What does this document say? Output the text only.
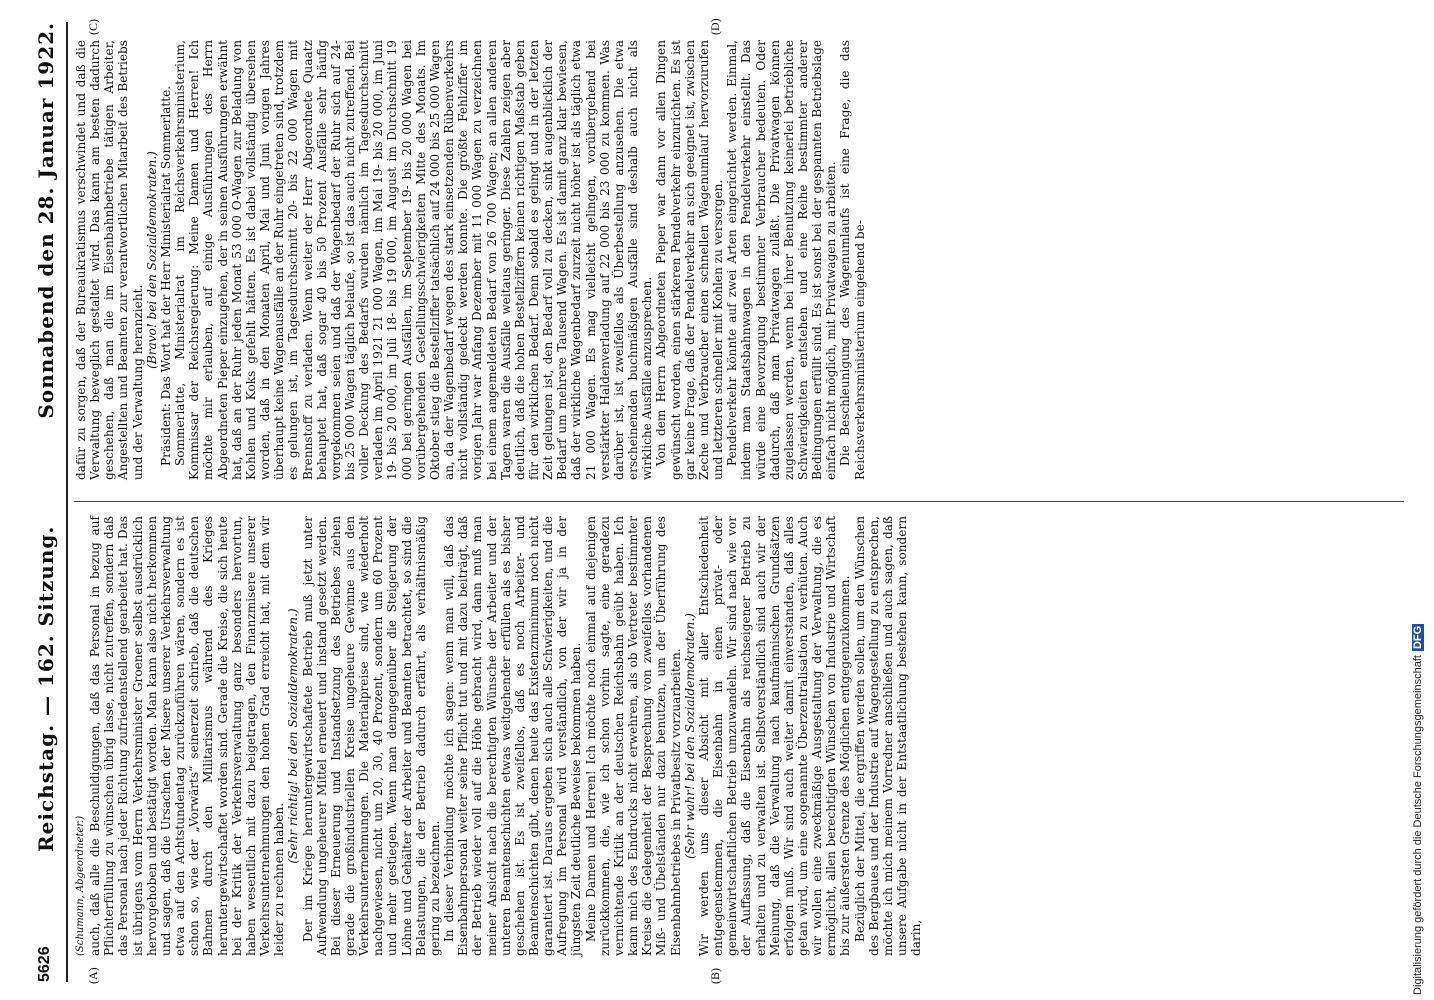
5626
Reichstag. — 162. Sitzung.
Sonnabend den 28. Januar 1922.
(A)	(B)
(C)	(D)

(Schumann, Abgeordneter.) auch, daß alle die Beschuldigungen, daß das Personal in bezug auf Pflichterfüllung zu wünschen übrig lasse, nicht zutreffen, sondern daß das Personal nach jeder Richtung zufriedenstellend gearbeitet hat. Das ist übrigens vom Herrn Verkehrsminister Groener selbst ausdrücklich hervorgehoben und bestätigt worden. Man kann also nicht herkommen und sagen, daß die Ursachen der Misere unserer Verkehrsverwaltung etwa auf den Achtstundentag zurückzuführen wären, sondern es ist schon so, wie der „Vorwärts“ seinerzeit schrieb, daß die deutschen Bahnen durch den Militarismus während des Krieges heruntergewirtschaftet worden sind. Gerade die Kreise, die sich heute bei der Kritik der Verkehrsverwaltung ganz besonders hervortun, haben wesentlich mit dazu beigetragen, den Finanzmisere unserer Verkehrsunternehmungen den hohen Grad erreicht hat, mit dem wir leider zu rechnen haben.

(Sehr richtig! bei den Sozialdemokraten.) Der im Kriege heruntergewirtschaftete Betrieb muß jetzt unter Aufwendung ungeheurer Mittel erneuert und instand gesetzt werden. Bei dieser Erneuerung und Instandsetzung des Betriebes ziehen gerade die großindustriellen Kreise ungeheure Gewinne aus den Verkehrsunternehmungen. Die Materialpreise sind, wie wiederholt nachgewiesen, nicht um 20, 30, 40 Prozent, sondern um 60 Prozent und mehr gestiegen. Wenn man demgegenüber die Steigerung der Löhne und Gehälter der Arbeiter und Beamten betrachtet, so sind die Belastungen, die der Betrieb dadurch erfährt, als verhältnismäßig gering zu bezeichnen. In dieser Verbindung möchte ich sagen: wenn man will, daß das Eisenbahnpersonal weiter seine Pflicht tut und mit dazu beiträgt, daß der Betrieb wieder voll auf die Höhe gebracht wird, dann muß man meiner Ansicht nach die berechtigten Wünsche der Arbeiter und der unteren Beamtenschichten etwas weitgehender erfüllen als es bisher geschehen ist. Es ist zweifellos, daß es noch Arbeiter- und Beamtenschichten gibt, denen heute das Existenzminimum noch nicht garantiert ist. Daraus ergeben sich auch alle Schwierigkeiten, und die Aufregung im Personal wird verständlich, von der wir ja in der jüngsten Zeit deutliche Beweise bekommen haben. Meine Damen und Herren! Ich möchte noch einmal auf diejenigen zurückkommen, die, wie ich schon vorhin sagte, eine geradezu vernichtende Kritik an der deutschen Reichsbahn geübt haben. Ich kann mich des Eindrucks nicht erwehren, als ob Vertreter bestimmter Kreise die Gelegenheit der Besprechung von zweifellos vorhandenen Miß- und Übelständen nur dazu benutzen, um der Überführung des Eisenbahnbetriebes in Privatbesitz vorzuarbeiten. (Sehr wahr! bei den Sozialdemokraten.) Wir werden uns dieser Absicht mit aller Entschiedenheit entgegenstemmen, die Eisenbahn in einen privat- oder gemeinwirtschaftlichen Betrieb umzuwandeln. Wir sind nach wie vor der Auffassung, daß die Eisenbahn als reichseigener Betrieb zu erhalten und zu verwalten ist. Selbstverständlich sind auch wir der Meinung, daß die Verwaltung nach kaufmännischen Grundsätzen erfolgen muß. Wir sind auch weiter damit einverstanden, daß alles getan wird, um eine sogenannte Überzentralisation zu verhüten. Auch wir wollen eine zweckmäßige Ausgestaltung der Verwaltung, die es ermöglicht, allen berechtigten Wünschen von Industrie und Wirtschaft bis zur äußersten Grenze des Möglichen entgegenzukommen. Bezüglich der Mittel, die ergriffen werden sollen, um den Wünschen des Bergbaues und der Industrie auf Wagengestellung zu entsprechen, möchte ich mich meinem Vorredner anschließen und auch sagen, daß unsere Aufgabe nicht in der Entstaatlichung bestehen kann, sondern darin,

dafür zu sorgen, daß der Bureaukratismus verschwindet und daß die Verwaltung beweglich gestaltet wird. Das kann am besten dadurch geschehen, daß man die im Eisenbahnbetriebe tätigen Arbeiter, Angestellten und Beamten zur verantwortlichen Mitarbeit des Betriebs und der Verwaltung heranzieht.

(Bravo! bei den Sozialdemokraten.) Präsident: Das Wort hat der Herr Ministerialrat Sommerlatte. Sommerlatte, Ministerialrat im Reichsverkehrsministerium, Kommissar der Reichsregierung: Meine Damen und Herren! Ich möchte mir erlauben, auf einige Ausführungen des Herrn Abgeordneten Pieper einzugehen, der in seinen Ausführungen erwähnt hat, daß an der Ruhr jeden Monat 53 000 O-Wagen zur Beladung von Kohlen und Koks gefehlt hätten. Es ist dabei vollständig übersehen worden, daß in den Monaten April, Mai und Juni vorigen Jahres überhaupt keine Wagenausfälle an der Ruhr eingetreten sind, trotzdem es gelungen ist, im Tagesdurchschnitt 20- bis 22 000 Wagen mit Brennstoff zu verladen. Wenn weiter der Herr Abgeordnete Quaatz behauptet hat, daß sogar 40 bis 50 Prozent Ausfälle sehr häufig vorgekommen seien und daß der Wagenbedarf der Ruhr sich auf 24- bis 25 000 Wagen täglich belaufe, so ist das auch nicht zutreffend. Bei voller Deckung des Bedarfs wurden nämlich im Tagesdurchschnitt verladen im April 1921 21 000 Wagen, im Mai 19- bis 20 000, im Juni 19- bis 20 000, im Juli 18- bis 19 000, im August im Durchschnitt 19 000 bei geringen Ausfällen, im September 19- bis 20 000 Wagen bei vorübergehenden Gestellungsschwierigkeiten Mitte des Monats. Im Oktober stieg die Bestellziffer tatsächlich auf 24 000 bis 25 000 Wagen an, da der Wagenbedarf wegen des stark einsetzenden Rübenverkehrs nicht vollständig gedeckt werden konnte. Die größte Fehlziffer im vorigen Jahr war Anfang Dezember mit 11 000 Wagen zu verzeichnen bei einem angemeldeten Bedarf von 26 700 Wagen; an allen anderen Tagen waren die Ausfälle weitaus geringer. Diese Zahlen zeigen aber deutlich, daß die hohen Bestellziffern keinen richtigen Maßstab geben für den wirklichen Bedarf. Denn sobald es gelingt und in der letzten Zeit gelungen ist, den Bedarf voll zu decken, sinkt augenblicklich der Bedarf um mehrere Tausend Wagen. Es ist damit ganz klar bewiesen, daß der wirkliche Wagenbedarf zurzeit nicht höher ist als täglich etwa 21 000 Wagen. Es mag vielleicht gelingen, vorübergehend bei verstärkter Haldenverladung auf 22 000 bis 23 000 zu kommen. Was darüber ist, ist zweifellos als Überbestellung anzusehen. Die etwa erscheinenden buchmäßigen Ausfälle sind deshalb auch nicht als wirkliche Ausfälle anzusprechen. Von dem Herrn Abgeordneten Pieper war dann vor allen Dingen gewünscht worden, einen stärkeren Pendelverkehr einzurichten. Es ist gar keine Frage, daß der Pendelverkehr an sich geeignet ist, zwischen Zeche und Verbraucher einen schnellen Wagenumlauf hervorzurufen und letzteren schneller mit Kohlen zu versorgen. Pendelverkehr könnte auf zwei Arten eingerichtet werden. Einmal, indem man Staatsbahnwagen in den Pendelverkehr einstellt. Das würde eine Bevorzugung bestimmter Verbraucher bedeuten. Oder dadurch, daß man Privatwagen zuläßt. Die Privatwagen können zugelassen werden, wenn bei ihrer Benutzung keinerlei betriebliche Schwierigkeiten entstehen und eine Reihe bestimmter anderer Bedingungen erfüllt sind. Es ist sonst bei der gespannten Betriebslage einfach nicht möglich, mit Privatwagen zu arbeiten. Die Beschleunigung des Wagenumlaufs ist eine Frage, die das Reichsverkehrsministerium eingehend be-

Digitalisierung gefördert durch die Deutsche ForschungsgemeinschaftDFG
